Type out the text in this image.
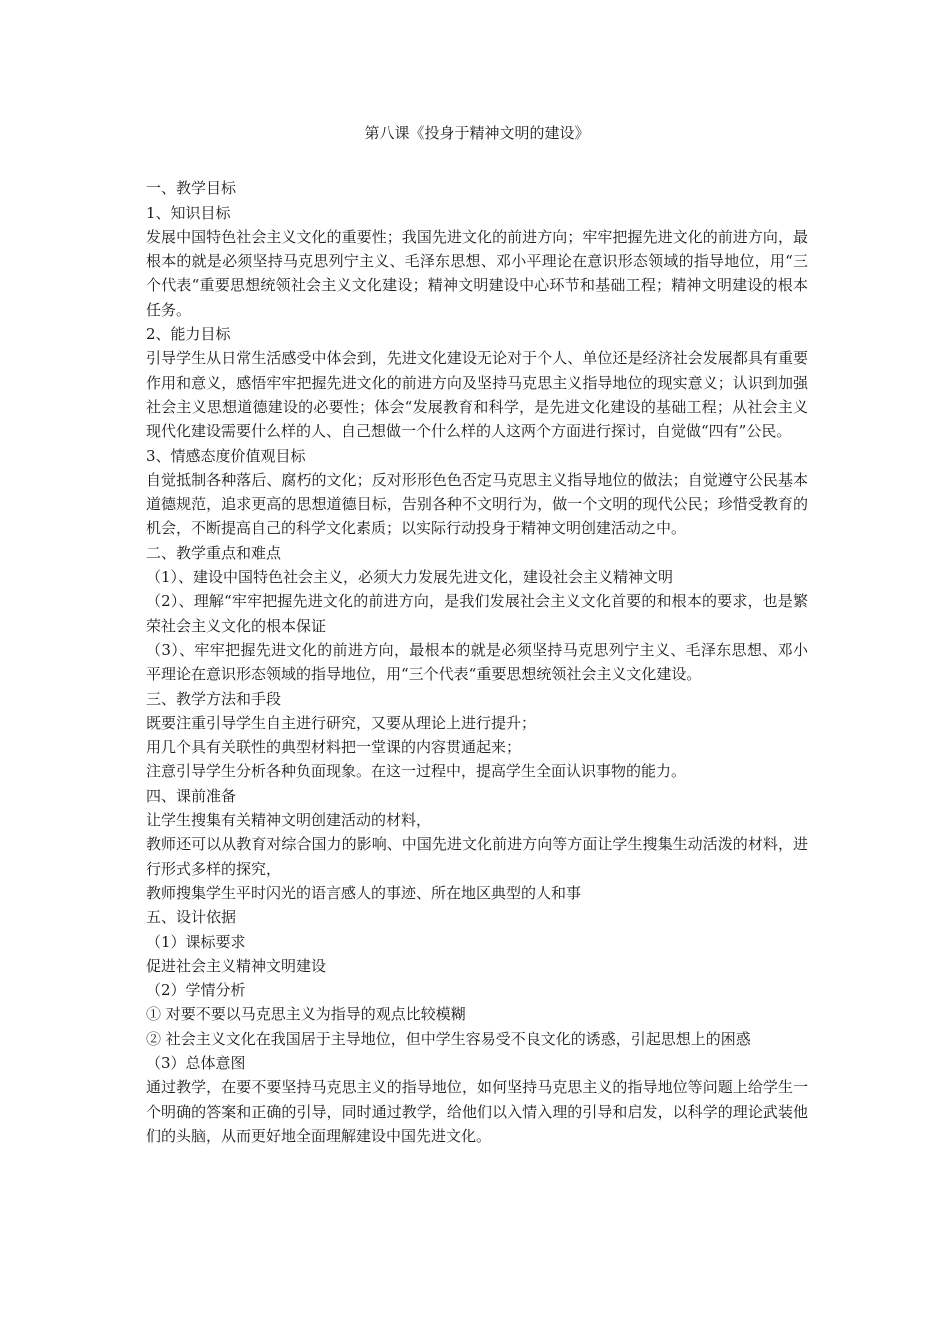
第八课《投身于精神文明的建设》

一、教学目标

1、知识目标

发展中国特色社会主义文化的重要性；我国先进文化的前进方向；牢牢把握先进文化的前进方向，最根本的就是必须坚持马克思列宁主义、毛泽东思想、邓小平理论在意识形态领域的指导地位，用“三个代表“重要思想统领社会主义文化建设；精神文明建设中心环节和基础工程；精神文明建设的根本任务。

2、能力目标

引导学生从日常生活感受中体会到，先进文化建设无论对于个人、单位还是经济社会发展都具有重要作用和意义，感悟牢牢把握先进文化的前进方向及坚持马克思主义指导地位的现实意义；认识到加强社会主义思想道德建设的必要性；体会“发展教育和科学，是先进文化建设的基础工程；从社会主义现代化建设需要什么样的人、自己想做一个什么样的人这两个方面进行探讨，自觉做“四有”公民。

3、情感态度价值观目标

自觉抵制各种落后、腐朽的文化；反对形形色色否定马克思主义指导地位的做法；自觉遵守公民基本道德规范，追求更高的思想道德目标，告别各种不文明行为，做一个文明的现代公民；珍惜受教育的机会，不断提高自己的科学文化素质；以实际行动投身于精神文明创建活动之中。

二、教学重点和难点

（1）、建设中国特色社会主义，必须大力发展先进文化，建设社会主义精神文明

（2）、理解“牢牢把握先进文化的前进方向，是我们发展社会主义文化首要的和根本的要求，也是繁荣社会主义文化的根本保证

（3）、牢牢把握先进文化的前进方向，最根本的就是必须坚持马克思列宁主义、毛泽东思想、邓小平理论在意识形态领域的指导地位，用“三个代表“重要思想统领社会主义文化建设。

三、教学方法和手段

既要注重引导学生自主进行研究，又要从理论上进行提升；

用几个具有关联性的典型材料把一堂课的内容贯通起来；

注意引导学生分析各种负面现象。在这一过程中，提高学生全面认识事物的能力。

四、课前准备

让学生搜集有关精神文明创建活动的材料，

教师还可以从教育对综合国力的影响、中国先进文化前进方向等方面让学生搜集生动活泼的材料，进行形式多样的探究，

教师搜集学生平时闪光的语言感人的事迹、所在地区典型的人和事

五、设计依据

（1）课标要求

促进社会主义精神文明建设

（2）学情分析

① 对要不要以马克思主义为指导的观点比较模糊

② 社会主义文化在我国居于主导地位，但中学生容易受不良文化的诱惑，引起思想上的困惑

（3）总体意图

通过教学，在要不要坚持马克思主义的指导地位，如何坚持马克思主义的指导地位等问题上给学生一个明确的答案和正确的引导，同时通过教学，给他们以入情入理的引导和启发，以科学的理论武装他们的头脑，从而更好地全面理解建设中国先进文化。
